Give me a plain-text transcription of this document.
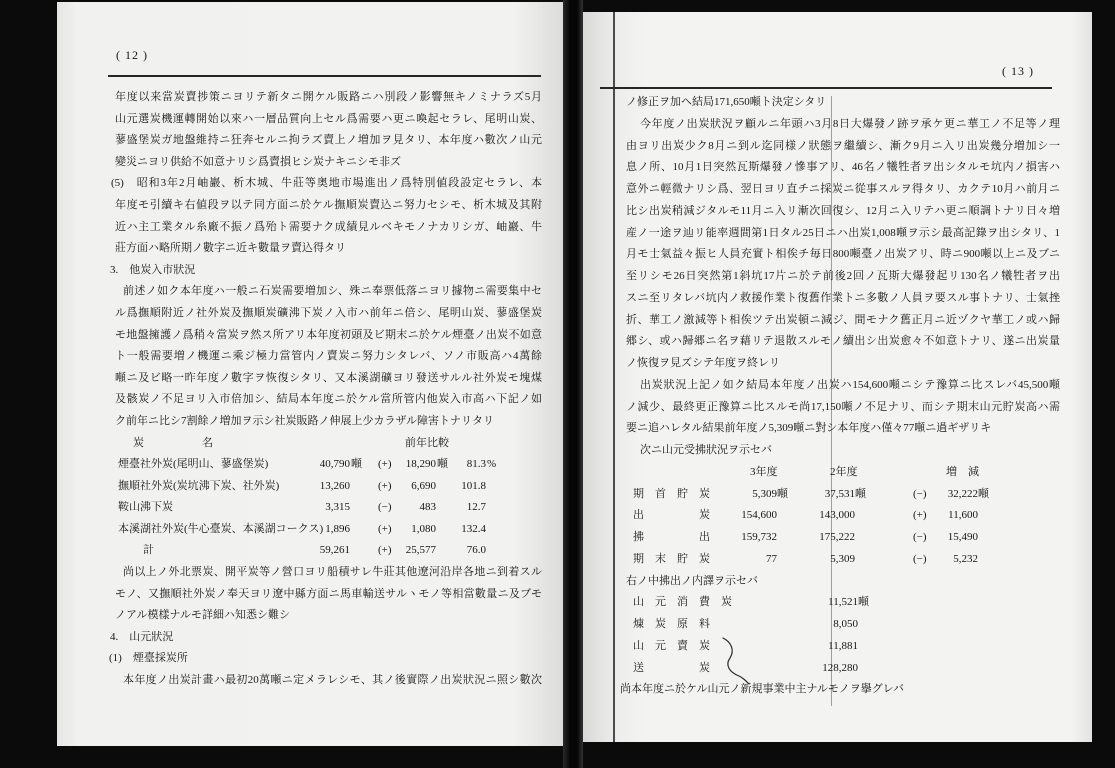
( 12 )
年度以来當炭賣捗策ニヨリテ新タニ開ケル販路ニハ別段ノ影響無キノミナラズ5月
山元選炭機運轉開始以來ハ一層品質向上セル爲需要ハ更ニ喚起セラレ、尾明山炭、
蓼盛堡炭ガ地盤維持ニ狂奔セルニ拘ラズ賣上ノ増加ヲ見タリ、本年度ハ數次ノ山元
變災ニヨリ供給不如意ナリシ爲賣損ヒシ炭ナキニシモ非ズ
(5)　昭和3年2月岫巖、析木城、牛莊等奥地市場進出ノ爲特別値段設定セラレ、本
年度モ引續キ右値段ヲ以テ同方面ニ於ケル撫順炭賣込ニ努力セシモ、析木城及其附
近ハ主工業タル糸廠不振ノ爲殆ト需要ナク成績見ルベキモノナカリシガ、岫巖、牛
莊方面ハ略所期ノ數字ニ近キ數量ヲ賣込得タリ
3.　他炭入市狀況
前述ノ如ク本年度ハ一般ニ石炭需要増加シ、殊ニ奉票低落ニヨリ據物ニ需要集中セ
ル爲撫順附近ノ社外炭及撫順炭礦沸下炭ノ入市ハ前年ニ倍シ、尾明山炭、蓼盛堡炭
モ地盤擁護ノ爲稍々當炭ヲ然ス所アリ本年度初頭及ビ期末ニ於ケル煙臺ノ出炭不如意
ト一般需要増ノ機運ニ乘ジ極力當管内ノ賣炭ニ努力シタレバ、ソノ市販高ハ4萬餘
噸ニ及ビ略一昨年度ノ數字ヲ恢復シタリ、又本溪湖礦ヨリ發送サルル社外炭モ塊煤
及骸炭ノ不足ヨリ入市倍加シ、結局本年度ニ於ケル當所管内他炭入市高ハ下記ノ如
ク前年ニ比シ7割餘ノ増加ヲ示シ社炭販路ノ伸展上少カラザル障害トナリタリ
炭　　名	前年比較
煙臺社外炭(尾明山、蓼盛堡炭)	40,790 噸 (+) 18,290 噸 81.3 %
撫順社外炭(炭坑沸下炭、社外炭)	13,260	(+) 6,690 101.8
鞍山沸下炭	3,315	(−)	483	12.7
本溪湖社外炭(牛心臺炭、本溪湖コークス) 1,896	(+) 1,080 132.4
計	59,261	(+) 25,577	76.0
尚以上ノ外北票炭、開平炭等ノ營口ヨリ船積サレ牛莊其他遼河沿岸各地ニ到着スル
モノ、又撫順社外炭ノ奉天ヨリ遼中縣方面ニ馬車輸送サルヽモノ等相當數量ニ及ブモ
ノアル模樣ナルモ詳細ハ知悉シ難シ
4.　山元狀況
(1)　煙臺採炭所
本年度ノ出炭計畫ハ最初20萬噸ニ定メラレシモ、其ノ後實際ノ出炭狀況ニ照シ數次
( 13 )
ノ修正ヲ加ヘ結局171,650噸ト決定シタリ
今年度ノ出炭狀況ヲ顧ルニ年頭ハ3月8日大爆發ノ跡ヲ承ケ更ニ華工ノ不足等ノ理
由ヨリ出炭少ク8月ニ到ル迄同様ノ狀態ヲ繼續シ、漸ク9月ニ入リ出炭幾分増加シ一
息ノ所、10月1日突然瓦斯爆發ノ慘事アリ、46名ノ犧牲者ヲ出シタルモ坑内ノ損害ハ
意外ニ輕微ナリシ爲、翌日ヨリ直チニ採炭ニ從事スルヲ得タリ、カクテ10月ハ前月ニ
比シ出炭稍減ジタルモ11月ニ入リ漸次回復シ、12月ニ入リテハ更ニ順調トナリ日々増
産ノ一途ヲ辿リ能率週間第1日タル25日ニハ出炭1,008噸ヲ示シ最高記錄ヲ出シタリ、1
月モ士氣益々振ヒ人員充實ト相俟チ毎日800噸臺ノ出炭アリ、時ニ900噸以上ニ及ブニ
至リシモ26日突然第1斜坑17片ニ於テ前後2回ノ瓦斯大爆發起リ130名ノ犧牲者ヲ出
スニ至リタレバ坑内ノ救援作業ト復舊作業トニ多數ノ人員ヲ要スル事トナリ、士氣挫
折、華工ノ激減等ト相俟ツテ出炭頓ニ減ジ、間モナク舊正月ニ近ヅクヤ華工ノ或ハ歸
郷シ、或ハ歸郷ニ名ヲ藉リテ退散スルモノ續出シ出炭愈々不如意トナリ、遂ニ出炭量
ノ恢復ヲ見ズシテ年度ヲ終レリ
出炭狀況上記ノ如ク結局本年度ノ出炭ハ154,600噸ニシテ豫算ニ比スレバ45,500噸
ノ減少、最終更正豫算ニ比スルモ尚17,150噸ノ不足ナリ、而シテ期末山元貯炭高ハ需
要ニ追ハレタル結果前年度ノ5,309噸ニ對シ本年度ハ僅々77噸ニ過ギザリキ
次ニ山元受拂狀況ヲ示セバ
3年度	2年度	増　減
期　首　貯　炭	5,309 噸	37,531 噸	(−) 32,222 噸
出　　　炭	154,600	143,000	(+) 11,600
拂　　　出	159,732	175,222	(−) 15,490
期　末　貯　炭	77	5,309	(−) 5,232
右ノ中拂出ノ内譯ヲ示セバ
山　元　消　費　炭	11,521 噸
煉　炭　原　料	8,050
山　元　賣　炭	11,881
送　　　炭	128,280
尚本年度ニ於ケル山元ノ新規事業中主ナルモノヲ擧グレバ
